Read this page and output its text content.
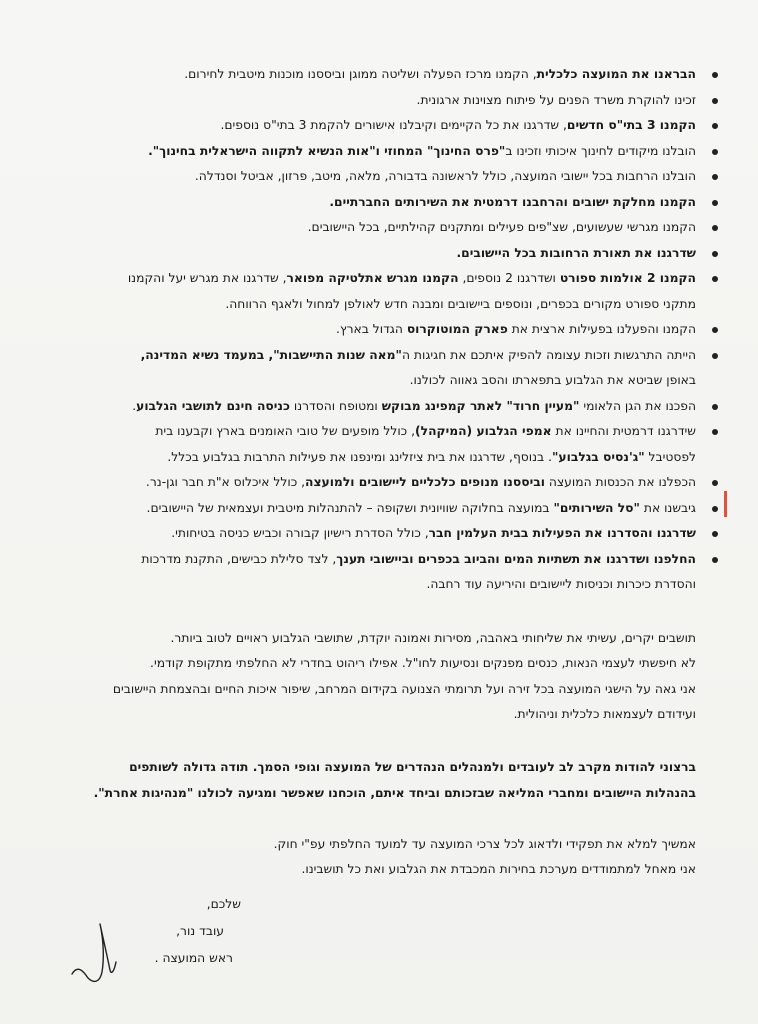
הבראנו את המועצה כלכלית, הקמנו מרכז הפעלה ושליטה ממוגן וביססנו מוכנות מיטבית לחירום.
זכינו להוקרת משרד הפנים על פיתוח מצוינות ארגונית.
הקמנו 3 בתי"ס חדשים, שדרגנו את כל הקיימים וקיבלנו אישורים להקמת 3 בתי"ס נוספים.
הובלנו מיקודים לחינוך איכותי וזכינו ב"פרס החינוך" המחוזי ו"אות הנשיא לתקווה הישראלית בחינוך".
הובלנו הרחבות בכל יישובי המועצה, כולל לראשונה בדבורה, מלאה, מיטב, פרזון, אביטל וסנדלה.
הקמנו מחלקת ישובים והרחבנו דרמטית את השירותים החברתיים.
הקמנו מגרשי שעשועים, שצ"פים פעילים ומתקנים קהילתיים, בכל היישובים.
שדרגנו את תאורת הרחובות בכל היישובים.
הקמנו 2 אולמות ספורט ושדרגנו 2 נוספים, הקמנו מגרש אתלטיקה מפואר, שדרגנו את מגרש יעל והקמנו
מתקני ספורט מקורים בכפרים, ונוספים ביישובים ומבנה חדש לאולפן למחול ולאגף הרווחה.
הקמנו והפעלנו בפעילות ארצית את פארק המוטוקרוס הגדול בארץ.
הייתה התרגשות וזכות עצומה להפיק איתכם את חגיגות ה"מאה שנות התיישבות", במעמד נשיא המדינה,
באופן שביטא את הגלבוע בתפארתו והסב גאווה לכולנו.
הפכנו את הגן הלאומי "מעיין חרוד" לאתר קמפינג מבוקש ומטופח והסדרנו כניסה חינם לתושבי הגלבוע.
שידרגנו דרמטית והחיינו את אמפי הגלבוע (המיקהל), כולל מופעים של טובי האומנים בארץ וקבענו בית
לפסטיבל "ג'נסיס בגלבוע". בנוסף, שדרגנו את בית ציזלינג ומינפנו את פעילות התרבות בגלבוע בכלל.
הכפלנו את הכנסות המועצה וביססנו מנופים כלכליים ליישובים ולמועצה, כולל איכלוס א"ת חבר וגן-נר.
גיבשנו את "סל השירותים" במועצה בחלוקה שוויונית ושקופה – להתנהלות מיטבית ועצמאית של היישובים.
שדרגנו והסדרנו את הפעילות בבית העלמין חבר, כולל הסדרת רישיון קבורה וכביש כניסה בטיחותי.
החלפנו ושדרגנו את תשתיות המים והביוב בכפרים וביישובי תענך, לצד סלילת כבישים, התקנת מדרכות
והסדרת כיכרות וכניסות ליישובים והיריעה עוד רחבה.

תושבים יקרים, עשיתי את שליחותי באהבה, מסירות ואמונה יוקדת, שתושבי הגלבוע ראויים לטוב ביותר.

לא חיפשתי לעצמי הנאות, כנסים מפנקים ונסיעות לחו"ל. אפילו ריהוט בחדרי לא החלפתי מתקופת קודמי.

אני גאה על הישגי המועצה בכל זירה ועל תרומתי הצנועה בקידום המרחב, שיפור איכות החיים ובהצמחת היישובים

ועידודם לעצמאות כלכלית וניהולית.

ברצוני להודות מקרב לב לעובדים ולמנהלים הנהדרים של המועצה וגופי הסמך. תודה גדולה לשותפים

בהנהלות היישובים ומחברי המליאה שבזכותם וביחד איתם, הוכחנו שאפשר ומגיעה לכולנו "מנהיגות אחרת".

אמשיך למלא את תפקידי ולדאוג לכל צרכי המועצה עד למועד החלפתי עפ"י חוק.

אני מאחל למתמודדים מערכת בחירות המכבדת את הגלבוע ואת כל תושבינו.

שלכם,

עובד נור,

ראש המועצה .
